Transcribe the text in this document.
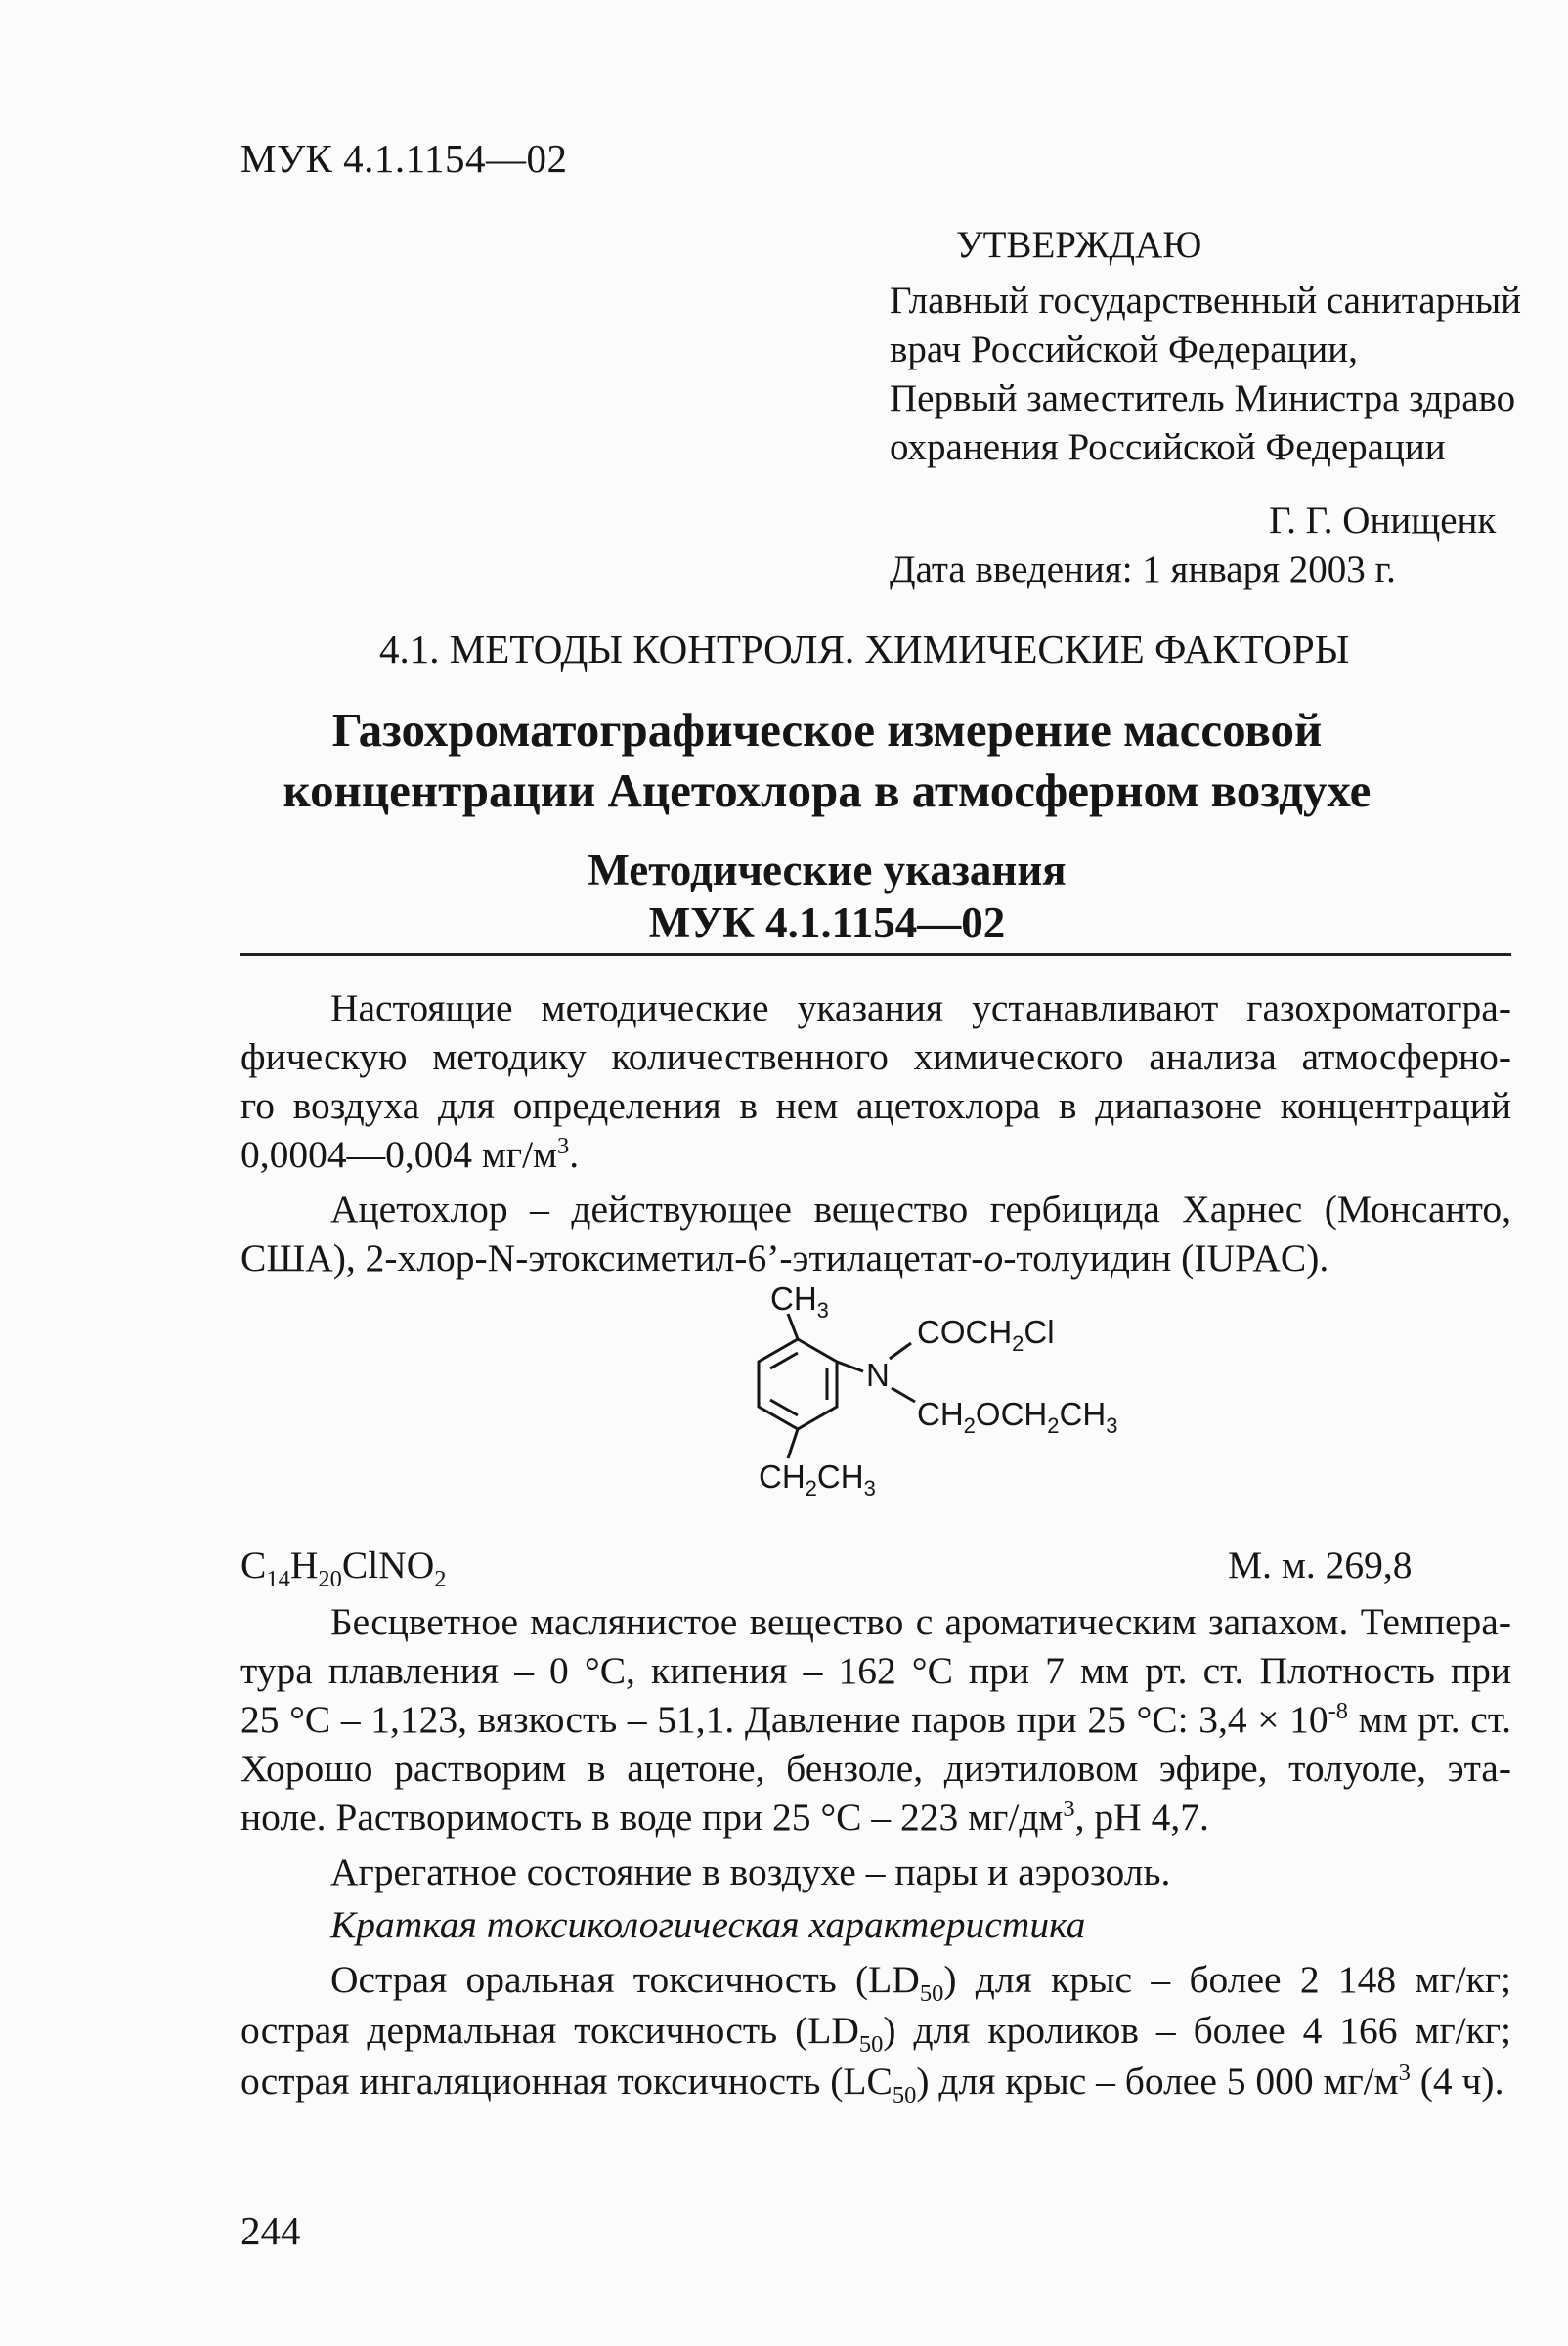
МУК 4.1.1154—02
УТВЕРЖДАЮ
Главный государственный санитарный
врач Российской Федерации,
Первый заместитель Министра здраво
охранения Российской Федерации
Г. Г. Онищенк
Дата введения: 1 января 2003 г.
4.1. МЕТОДЫ КОНТРОЛЯ. ХИМИЧЕСКИЕ ФАКТОРЫ
Газохроматографическое измерение массовой
концентрации Ацетохлора в атмосферном воздухе
Методические указания
МУК 4.1.1154—02
Настоящие методические указания устанавливают газохроматогра-
фическую методику количественного химического анализа атмосферно-
го воздуха для определения в нем ацетохлора в диапазоне концентраций
0,0004—0,004 $мг/м^3$.
Ацетохлор – действующее вещество гербицида Харнес (Монсанто,
США), 2-хлор-N-этоксиметил-6’-этилацетат-о-толуидин (IUPAC).
$CH_3$
$COCH_2Cl$
N
$CH_2OCH_2CH_3$
$CH_2CH_3$
$C_{14}H_{20}ClNO_2$	М. м. 269,8
Бесцветное маслянистое вещество с ароматическим запахом. Темпера-
тура плавления – 0 °С, кипения – 162 °С при 7 мм рт. ст. Плотность при
25 °С – 1,123, вязкость – 51,1. Давление паров при 25 °С: $3,4 \times 10^{-8}$ мм рт. ст.
Хорошо растворим в ацетоне, бензоле, диэтиловом эфире, толуоле, эта-
ноле. Растворимость в воде при 25 °С – 223 $мг/дм^3$, pH 4,7.
Агрегатное состояние в воздухе – пары и аэрозоль.
Краткая токсикологическая характеристика
Острая оральная токсичность $(LD_{50})$ для крыс – более 2 148 мг/кг;
острая дермальная токсичность $(LD_{50})$ для кроликов – более 4 166 мг/кг;
острая ингаляционная токсичность $(LC_{50})$ для крыс – более 5 000 $мг/м^3$ (4 ч).
244
